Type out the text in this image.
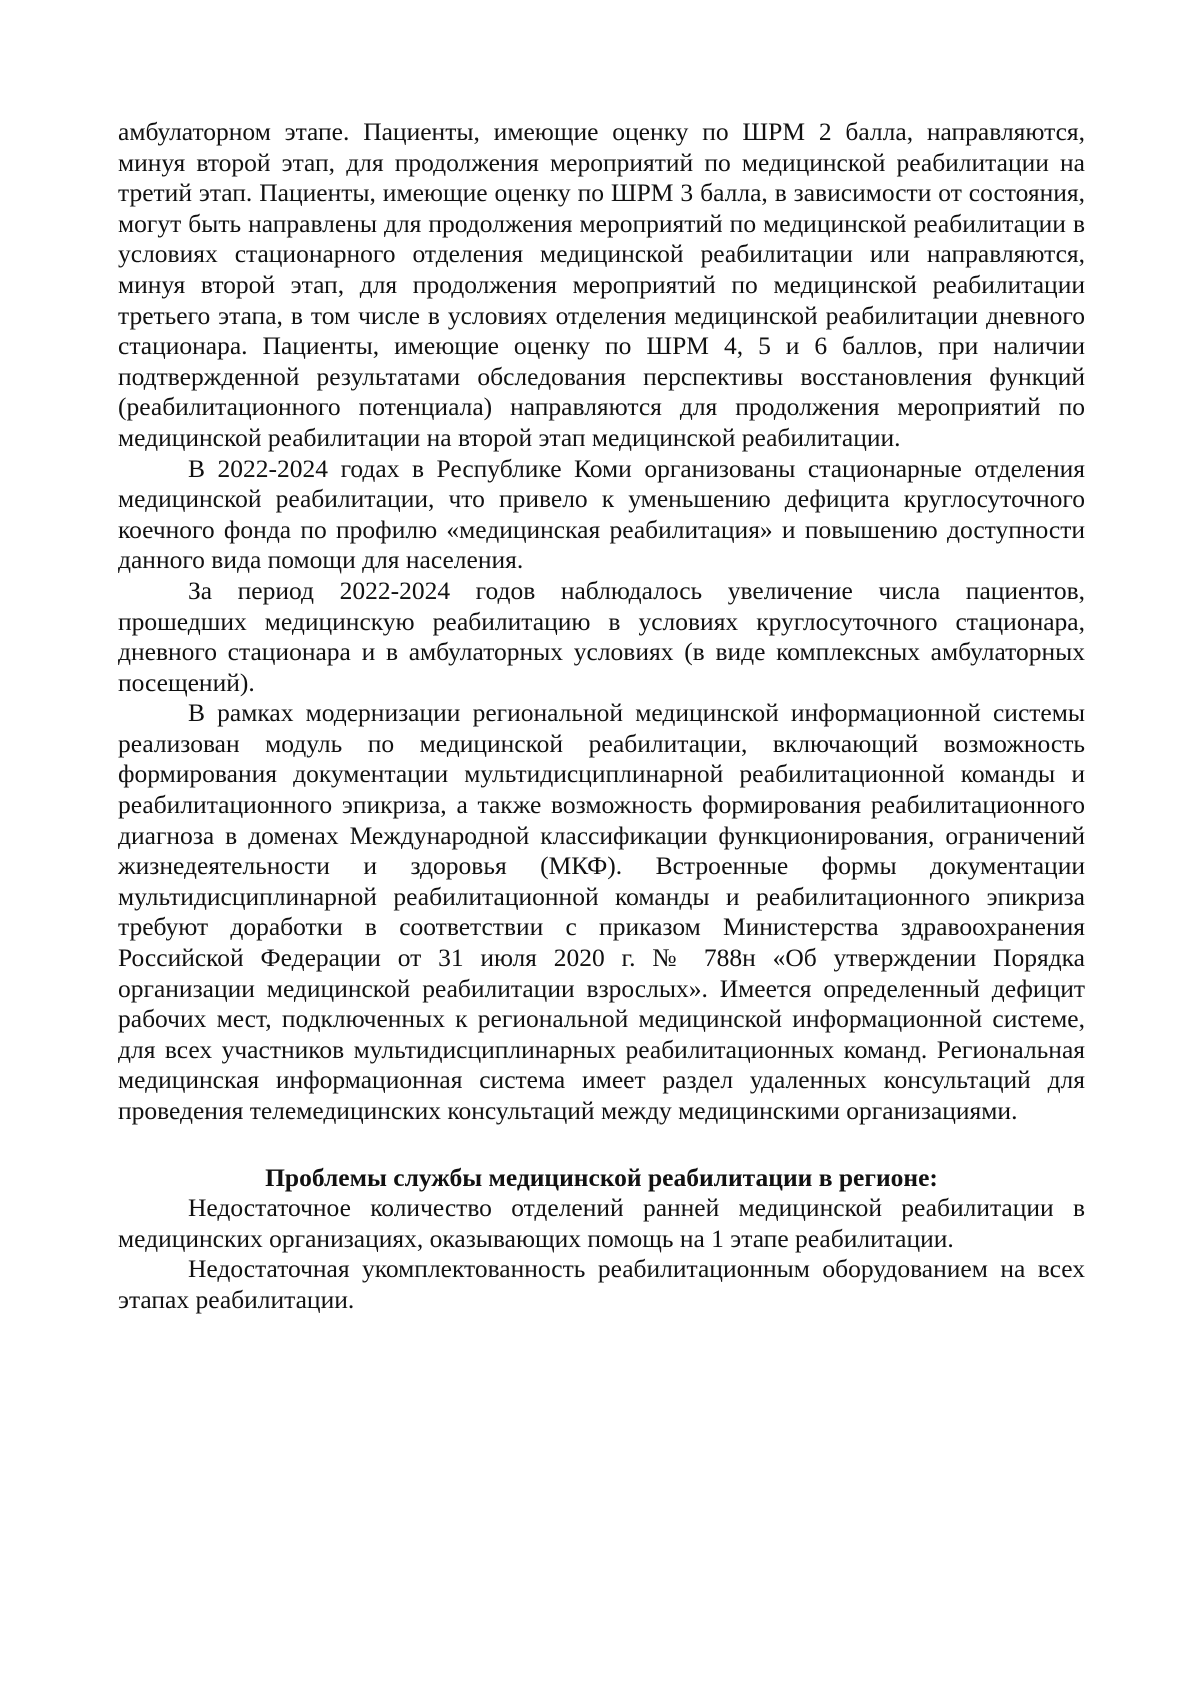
амбулаторном этапе. Пациенты, имеющие оценку по ШРМ 2 балла, направляются, минуя второй этап, для продолжения мероприятий по медицинской реабилитации на третий этап. Пациенты, имеющие оценку по ШРМ 3 балла, в зависимости от состояния, могут быть направлены для продолжения мероприятий по медицинской реабилитации в условиях стационарного отделения медицинской реабилитации или направляются, минуя второй этап, для продолжения мероприятий по медицинской реабилитации третьего этапа, в том числе в условиях отделения медицинской реабилитации дневного стационара. Пациенты, имеющие оценку по ШРМ 4, 5 и 6 баллов, при наличии подтвержденной результатами обследования перспективы восстановления функций (реабилитационного потенциала) направляются для продолжения мероприятий по медицинской реабилитации на второй этап медицинской реабилитации.

В 2022-2024 годах в Республике Коми организованы стационарные отделения медицинской реабилитации, что привело к уменьшению дефицита круглосуточного коечного фонда по профилю «медицинская реабилитация» и повышению доступности данного вида помощи для населения.

За период 2022-2024 годов наблюдалось увеличение числа пациентов, прошедших медицинскую реабилитацию в условиях круглосуточного стационара, дневного стационара и в амбулаторных условиях (в виде комплексных амбулаторных посещений).

В рамках модернизации региональной медицинской информационной системы реализован модуль по медицинской реабилитации, включающий возможность формирования документации мультидисциплинарной реабилитационной команды и реабилитационного эпикриза, а также возможность формирования реабилитационного диагноза в доменах Международной классификации функционирования, ограничений жизнедеятельности и здоровья (МКФ). Встроенные формы документации мультидисциплинарной реабилитационной команды и реабилитационного эпикриза требуют доработки в соответствии с приказом Министерства здравоохранения Российской Федерации от 31 июля 2020 г. № 788н «Об утверждении Порядка организации медицинской реабилитации взрослых». Имеется определенный дефицит рабочих мест, подключенных к региональной медицинской информационной системе, для всех участников мультидисциплинарных реабилитационных команд. Региональная медицинская информационная система имеет раздел удаленных консультаций для проведения телемедицинских консультаций между медицинскими организациями.

Проблемы службы медицинской реабилитации в регионе:

Недостаточное количество отделений ранней медицинской реабилитации в медицинских организациях, оказывающих помощь на 1 этапе реабилитации.

Недостаточная укомплектованность реабилитационным оборудованием на всех этапах реабилитации.
